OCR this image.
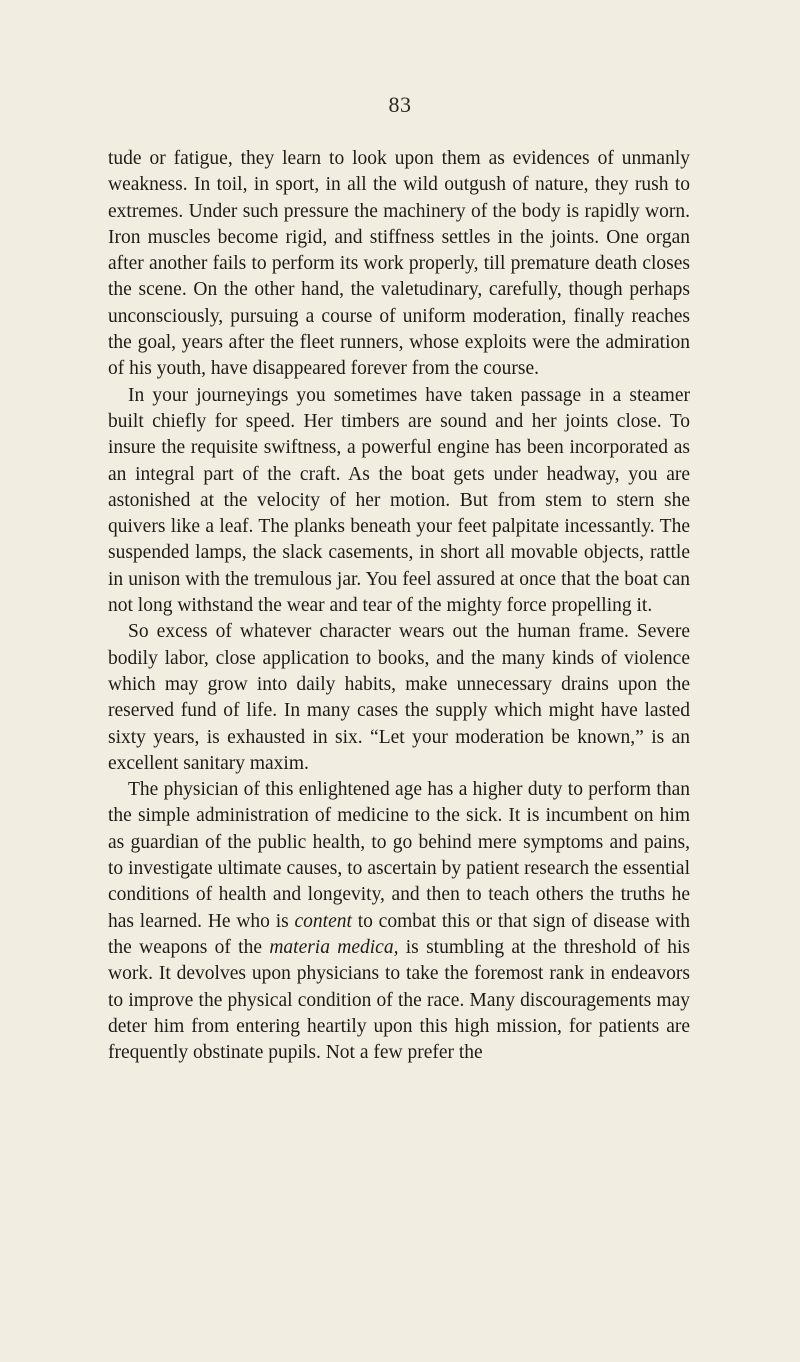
83

tude or fatigue, they learn to look upon them as evidences of unmanly weakness. In toil, in sport, in all the wild outgush of nature, they rush to extremes. Under such pressure the machinery of the body is rapidly worn. Iron muscles become rigid, and stiffness settles in the joints. One organ after another fails to perform its work properly, till premature death closes the scene. On the other hand, the valetudinary, carefully, though perhaps unconsciously, pursuing a course of uniform moderation, finally reaches the goal, years after the fleet runners, whose exploits were the admiration of his youth, have disappeared forever from the course.

In your journeyings you sometimes have taken passage in a steamer built chiefly for speed. Her timbers are sound and her joints close. To insure the requisite swiftness, a powerful engine has been incorporated as an integral part of the craft. As the boat gets under headway, you are astonished at the velocity of her motion. But from stem to stern she quivers like a leaf. The planks beneath your feet palpitate incessantly. The suspended lamps, the slack casements, in short all movable objects, rattle in unison with the tremulous jar. You feel assured at once that the boat can not long withstand the wear and tear of the mighty force propelling it.

So excess of whatever character wears out the human frame. Severe bodily labor, close application to books, and the many kinds of violence which may grow into daily habits, make unnecessary drains upon the reserved fund of life. In many cases the supply which might have lasted sixty years, is exhausted in six. “Let your moderation be known,” is an excellent sanitary maxim.

The physician of this enlightened age has a higher duty to perform than the simple administration of medicine to the sick. It is incumbent on him as guardian of the public health, to go behind mere symptoms and pains, to investigate ultimate causes, to ascertain by patient research the essential conditions of health and longevity, and then to teach others the truths he has learned. He who is content to combat this or that sign of disease with the weapons of the materia medica, is stumbling at the threshold of his work. It devolves upon physicians to take the foremost rank in endeavors to improve the physical condition of the race. Many discouragements may deter him from entering heartily upon this high mission, for patients are frequently obstinate pupils. Not a few prefer the
